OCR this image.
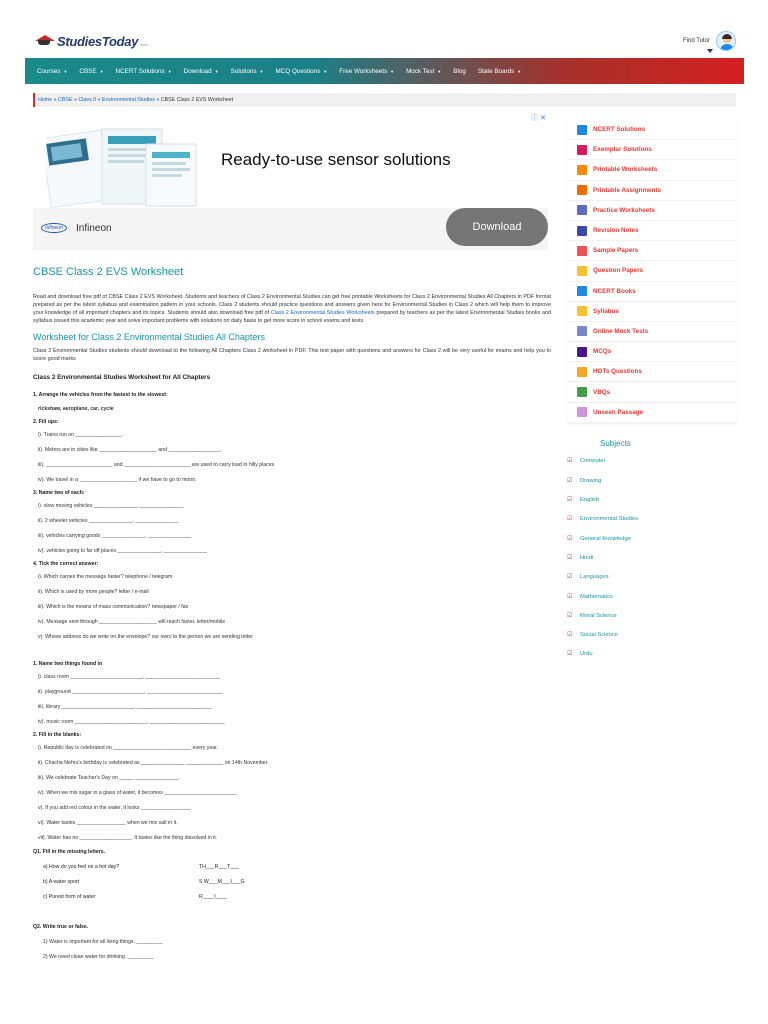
StudiesToday .com
Find Tutor
Courses ▼ CBSE ▼ NCERT Solutions ▼ Download ▼ Solutions ▼ MCQ Questions ▼ Free Worksheets ▼ Mock Test ▼ Blog State Boards ▼
Home » CBSE » Class II » Environmental Studies » CBSE Class 2 EVS Worksheet
ⓘ ✕
Ready-to-use sensor solutions
Infineon	Infineon	Download
CBSE Class 2 EVS Worksheet

Read and download free pdf of CBSE Class 2 EVS Worksheet. Students and teachers of Class 2 Environmental Studies can get free printable Worksheets for Class 2 Environmental Studies All Chapters in PDF format prepared as per the latest syllabus and examination pattern in your schools. Class 2 students should practice questions and answers given here for Environmental Studies in Class 2 which will help them to improve your knowledge of all important chapters and its topics. Students should also download free pdf of Class 2 Environmental Studies Worksheets prepared by teachers as per the latest Environmental Studies books and syllabus issued this academic year and solve important problems with solutions on daily basis to get more score in school exams and tests

Worksheet for Class 2 Environmental Studies All Chapters

Class 2 Environmental Studies students should download to the following All Chapters Class 2 worksheet in PDF. This test paper with questions and answers for Class 2 will be very useful for exams and help you to score good marks

Class 2 Environmental Studies Worksheet for All Chapters
1. Arrange the vehicles from the fastest to the slowest:
rickshaw, aeroplane, car, cycle
2. Fill ups:
i). Trains run on ________________.
ii). Metros are in cities like ____________________ and __________________.
iii). _______________________ and _______________________ are used to carry load in hilly places
iv). We travel in a ____________________ if we have to go to moon.
3. Name two of each:
i). slow moving vehicles _______________, _______________
ii). 2 wheeler vehicles _______________, _______________
iii). vehicles carrying goods _______________, _______________
iv). vehicles going to far off places _______________, _______________
4. Tick the correct answer:
i). Which carries the message faster? telephone / telegram
ii). Which is used by more people? letter / e-mail
iii). Which is the means of mass communication? newspaper / fax
iv). Message sent through ____________________ will reach faster. letter/mobile
v). Whose address do we write on the envelope? our own/ to the person we are sending letter
1. Name two things found in
i). class room _________________________, __________________________
ii). playground _________________________, __________________________
iii). library _________________________, __________________________
iv). music room _________________________, __________________________
2. Fill in the blanks:
i). Republic day is celebrated on ___________________________ every year.
ii). Chacha Nehru's birthday is celebrated as _______________ _____________ on 14th November.
iii). We celebrate Teacher's Day on _____ _______________.
iv). When we mix sugar in a glass of water, it becomes _________________________.
v). If you add red colour in the water, it looks _________________.
vi). Water tastes _________________ when we mix salt in it.
vii). Water has no __________________. It tastes like the thing dissolved in it.
Q1. Fill in the missing letters.
a) How do you feel on a hot day?	TH___R___T___
b) A water sport	S W___M___I___G
c) Purest form of water	R____I____
Q2. Write true or false.
1) Water is important for all living things. _________
2) We need clean water for drinking. _________
NCERT Solutions
Exemplar Solutions
Printable Worksheets
Printable Assignments
Practice Worksheets
Revision Notes
Sample Papers
Question Papers
NCERT Books
Syllabus
Online Mock Tests
MCQs
HOTs Questions
VBQs
Unseen Passage
Subjects
☑ Computer
☑ Drawing
☑ English
☑ Environmental Studies
☑ General Knowledge
☑ Hindi
☑ Languages
☑ Mathematics
☑ Moral Science
☑ Social Science
☑ Urdu
